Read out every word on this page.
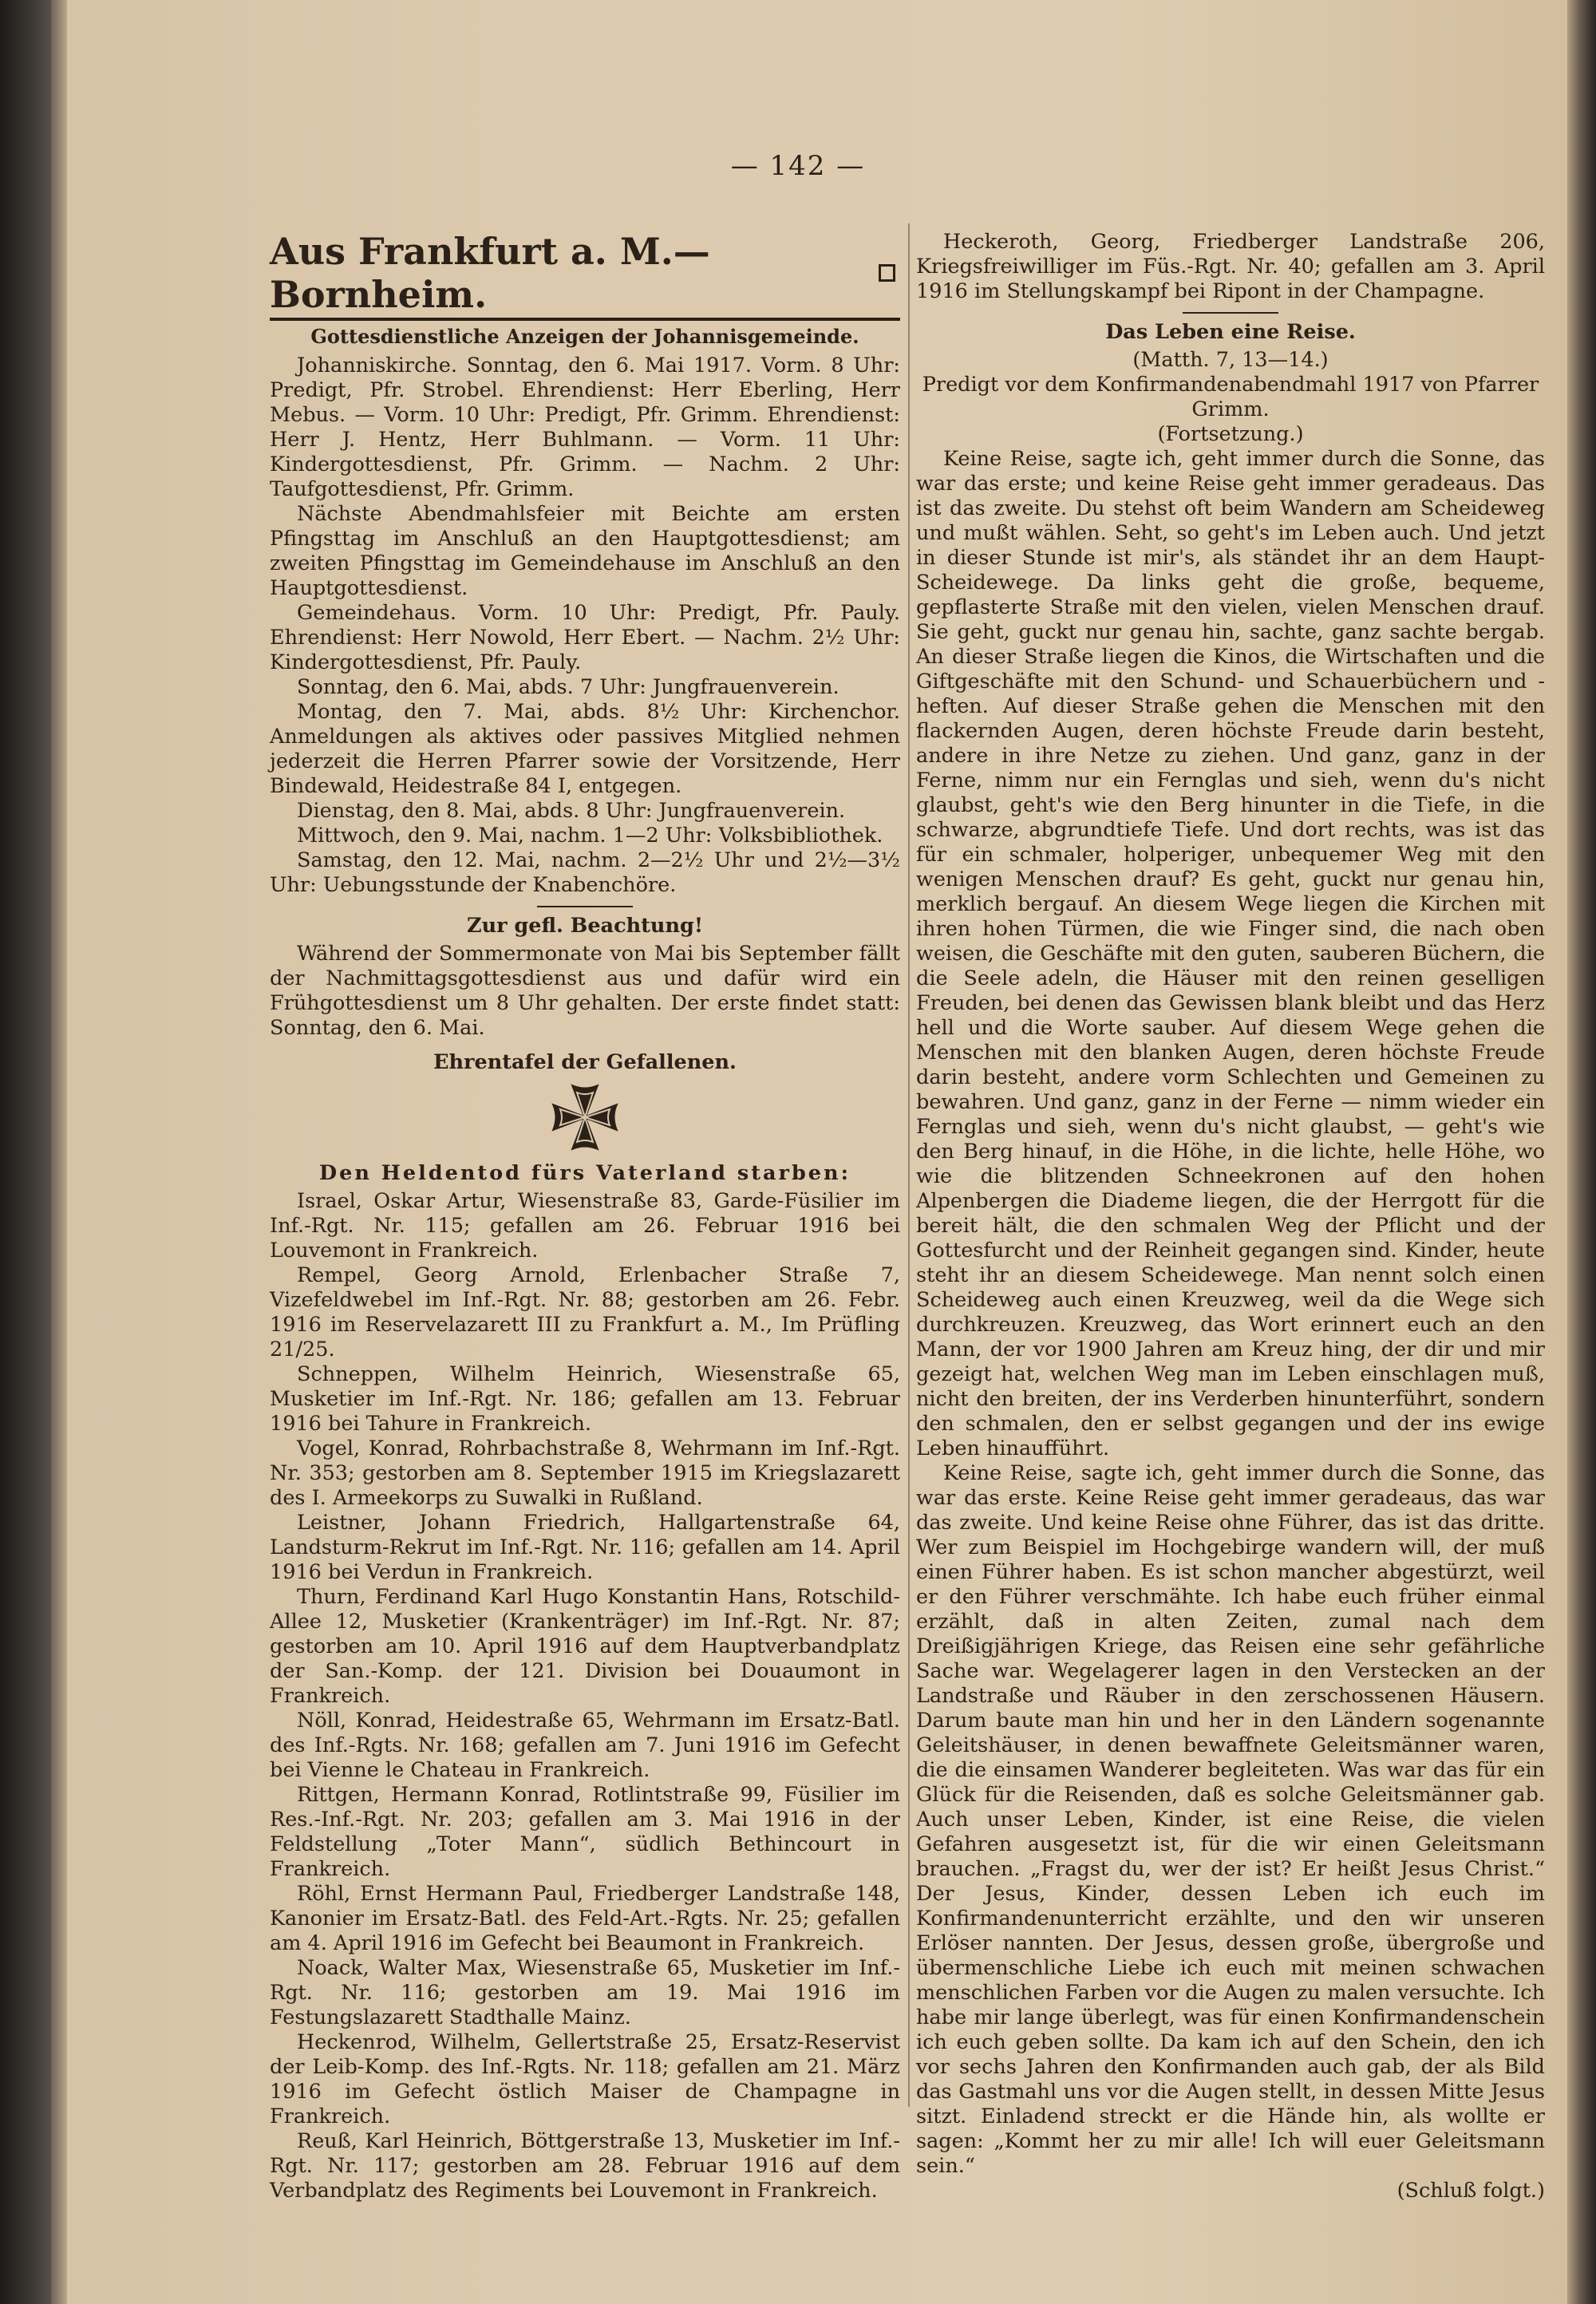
— 142 —
Aus Frankfurt a. M.—Bornheim.
Gottesdienstliche Anzeigen der Johannisgemeinde.

Johanniskirche. Sonntag, den 6. Mai 1917. Vorm. 8 Uhr: Predigt, Pfr. Strobel. Ehrendienst: Herr Eberling, Herr Mebus. — Vorm. 10 Uhr: Predigt, Pfr. Grimm. Ehrendienst: Herr J. Hentz, Herr Buhlmann. — Vorm. 11 Uhr: Kindergottesdienst, Pfr. Grimm. — Nachm. 2 Uhr: Taufgottesdienst, Pfr. Grimm.

Nächste Abendmahlsfeier mit Beichte am ersten Pfingsttag im Anschluß an den Hauptgottesdienst; am zweiten Pfingsttag im Gemeindehause im Anschluß an den Hauptgottesdienst.

Gemeindehaus. Vorm. 10 Uhr: Predigt, Pfr. Pauly. Ehrendienst: Herr Nowold, Herr Ebert. — Nachm. 2½ Uhr: Kindergottesdienst, Pfr. Pauly.

Sonntag, den 6. Mai, abds. 7 Uhr: Jungfrauenverein.

Montag, den 7. Mai, abds. 8½ Uhr: Kirchenchor. Anmeldungen als aktives oder passives Mitglied nehmen jederzeit die Herren Pfarrer sowie der Vorsitzende, Herr Bindewald, Heidestraße 84 I, entgegen.

Dienstag, den 8. Mai, abds. 8 Uhr: Jungfrauenverein.

Mittwoch, den 9. Mai, nachm. 1—2 Uhr: Volksbibliothek.

Samstag, den 12. Mai, nachm. 2—2½ Uhr und 2½—3½ Uhr: Uebungsstunde der Knabenchöre.

Zur gefl. Beachtung!

Während der Sommermonate von Mai bis September fällt der Nachmittagsgottesdienst aus und dafür wird ein Frühgottesdienst um 8 Uhr gehalten. Der erste findet statt: Sonntag, den 6. Mai.

Ehrentafel der Gefallenen.
Den Heldentod fürs Vaterland starben:

Israel, Oskar Artur, Wiesenstraße 83, Garde-Füsilier im Inf.-Rgt. Nr. 115; gefallen am 26. Februar 1916 bei Louvemont in Frankreich.

Rempel, Georg Arnold, Erlenbacher Straße 7, Vizefeldwebel im Inf.-Rgt. Nr. 88; gestorben am 26. Febr. 1916 im Reservelazarett III zu Frankfurt a. M., Im Prüfling 21/25.

Schneppen, Wilhelm Heinrich, Wiesenstraße 65, Musketier im Inf.-Rgt. Nr. 186; gefallen am 13. Februar 1916 bei Tahure in Frankreich.

Vogel, Konrad, Rohrbachstraße 8, Wehrmann im Inf.-Rgt. Nr. 353; gestorben am 8. September 1915 im Kriegslazarett des I. Armeekorps zu Suwalki in Rußland.

Leistner, Johann Friedrich, Hallgartenstraße 64, Landsturm-Rekrut im Inf.-Rgt. Nr. 116; gefallen am 14. April 1916 bei Verdun in Frankreich.

Thurn, Ferdinand Karl Hugo Konstantin Hans, Rotschild-Allee 12, Musketier (Krankenträger) im Inf.-Rgt. Nr. 87; gestorben am 10. April 1916 auf dem Hauptverbandplatz der San.-Komp. der 121. Division bei Douaumont in Frankreich.

Nöll, Konrad, Heidestraße 65, Wehrmann im Ersatz-Batl. des Inf.-Rgts. Nr. 168; gefallen am 7. Juni 1916 im Gefecht bei Vienne le Chateau in Frankreich.

Rittgen, Hermann Konrad, Rotlintstraße 99, Füsilier im Res.-Inf.-Rgt. Nr. 203; gefallen am 3. Mai 1916 in der Feldstellung „Toter Mann“, südlich Bethincourt in Frankreich.

Röhl, Ernst Hermann Paul, Friedberger Landstraße 148, Kanonier im Ersatz-Batl. des Feld-Art.-Rgts. Nr. 25; gefallen am 4. April 1916 im Gefecht bei Beaumont in Frankreich.

Noack, Walter Max, Wiesenstraße 65, Musketier im Inf.-Rgt. Nr. 116; gestorben am 19. Mai 1916 im Festungslazarett Stadthalle Mainz.

Heckenrod, Wilhelm, Gellertstraße 25, Ersatz-Reservist der Leib-Komp. des Inf.-Rgts. Nr. 118; gefallen am 21. März 1916 im Gefecht östlich Maiser de Champagne in Frankreich.

Reuß, Karl Heinrich, Böttgerstraße 13, Musketier im Inf.-Rgt. Nr. 117; gestorben am 28. Februar 1916 auf dem Verbandplatz des Regiments bei Louvemont in Frankreich.

Heckeroth, Georg, Friedberger Landstraße 206, Kriegsfreiwilliger im Füs.-Rgt. Nr. 40; gefallen am 3. April 1916 im Stellungskampf bei Ripont in der Champagne.

Das Leben eine Reise.
(Matth. 7, 13—14.)
Predigt vor dem Konfirmandenabendmahl 1917 von Pfarrer Grimm.
(Fortsetzung.)

Keine Reise, sagte ich, geht immer durch die Sonne, das war das erste; und keine Reise geht immer geradeaus. Das ist das zweite. Du stehst oft beim Wandern am Scheideweg und mußt wählen. Seht, so geht's im Leben auch. Und jetzt in dieser Stunde ist mir's, als ständet ihr an dem Haupt-Scheidewege. Da links geht die große, bequeme, gepflasterte Straße mit den vielen, vielen Menschen drauf. Sie geht, guckt nur genau hin, sachte, ganz sachte bergab. An dieser Straße liegen die Kinos, die Wirtschaften und die Giftgeschäfte mit den Schund- und Schauerbüchern und -heften. Auf dieser Straße gehen die Menschen mit den flackernden Augen, deren höchste Freude darin besteht, andere in ihre Netze zu ziehen. Und ganz, ganz in der Ferne, nimm nur ein Fernglas und sieh, wenn du's nicht glaubst, geht's wie den Berg hinunter in die Tiefe, in die schwarze, abgrundtiefe Tiefe. Und dort rechts, was ist das für ein schmaler, holperiger, unbequemer Weg mit den wenigen Menschen drauf? Es geht, guckt nur genau hin, merklich bergauf. An diesem Wege liegen die Kirchen mit ihren hohen Türmen, die wie Finger sind, die nach oben weisen, die Geschäfte mit den guten, sauberen Büchern, die die Seele adeln, die Häuser mit den reinen geselligen Freuden, bei denen das Gewissen blank bleibt und das Herz hell und die Worte sauber. Auf diesem Wege gehen die Menschen mit den blanken Augen, deren höchste Freude darin besteht, andere vorm Schlechten und Gemeinen zu bewahren. Und ganz, ganz in der Ferne — nimm wieder ein Fernglas und sieh, wenn du's nicht glaubst, — geht's wie den Berg hinauf, in die Höhe, in die lichte, helle Höhe, wo wie die blitzenden Schneekronen auf den hohen Alpenbergen die Diademe liegen, die der Herrgott für die bereit hält, die den schmalen Weg der Pflicht und der Gottesfurcht und der Reinheit gegangen sind. Kinder, heute steht ihr an diesem Scheidewege. Man nennt solch einen Scheideweg auch einen Kreuzweg, weil da die Wege sich durchkreuzen. Kreuzweg, das Wort erinnert euch an den Mann, der vor 1900 Jahren am Kreuz hing, der dir und mir gezeigt hat, welchen Weg man im Leben einschlagen muß, nicht den breiten, der ins Verderben hinunterführt, sondern den schmalen, den er selbst gegangen und der ins ewige Leben hinaufführt.

Keine Reise, sagte ich, geht immer durch die Sonne, das war das erste. Keine Reise geht immer geradeaus, das war das zweite. Und keine Reise ohne Führer, das ist das dritte. Wer zum Beispiel im Hochgebirge wandern will, der muß einen Führer haben. Es ist schon mancher abgestürzt, weil er den Führer verschmähte. Ich habe euch früher einmal erzählt, daß in alten Zeiten, zumal nach dem Dreißigjährigen Kriege, das Reisen eine sehr gefährliche Sache war. Wegelagerer lagen in den Verstecken an der Landstraße und Räuber in den zerschossenen Häusern. Darum baute man hin und her in den Ländern sogenannte Geleitshäuser, in denen bewaffnete Geleitsmänner waren, die die einsamen Wanderer begleiteten. Was war das für ein Glück für die Reisenden, daß es solche Geleitsmänner gab. Auch unser Leben, Kinder, ist eine Reise, die vielen Gefahren ausgesetzt ist, für die wir einen Geleitsmann brauchen. „Fragst du, wer der ist? Er heißt Jesus Christ.“ Der Jesus, Kinder, dessen Leben ich euch im Konfirmandenunterricht erzählte, und den wir unseren Erlöser nannten. Der Jesus, dessen große, übergroße und übermenschliche Liebe ich euch mit meinen schwachen menschlichen Farben vor die Augen zu malen versuchte. Ich habe mir lange überlegt, was für einen Konfirmandenschein ich euch geben sollte. Da kam ich auf den Schein, den ich vor sechs Jahren den Konfirmanden auch gab, der als Bild das Gastmahl uns vor die Augen stellt, in dessen Mitte Jesus sitzt. Einladend streckt er die Hände hin, als wollte er sagen: „Kommt her zu mir alle! Ich will euer Geleitsmann sein.“

(Schluß folgt.)
